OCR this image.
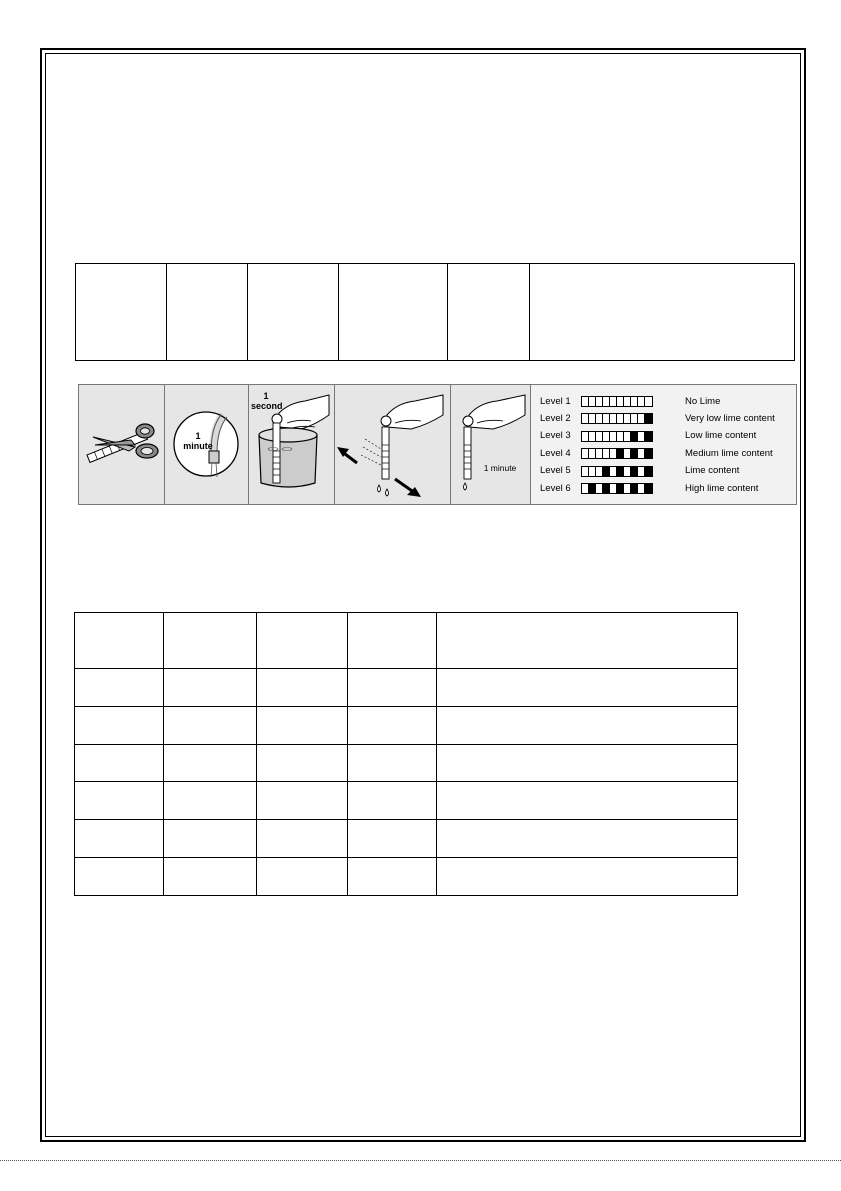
1
minute
1
second
1 minute
Level 1	No Lime
Level 2	Very low lime content
Level 3	Low lime content
Level 4	Medium lime content
Level 5	Lime content
Level 6	High lime content
